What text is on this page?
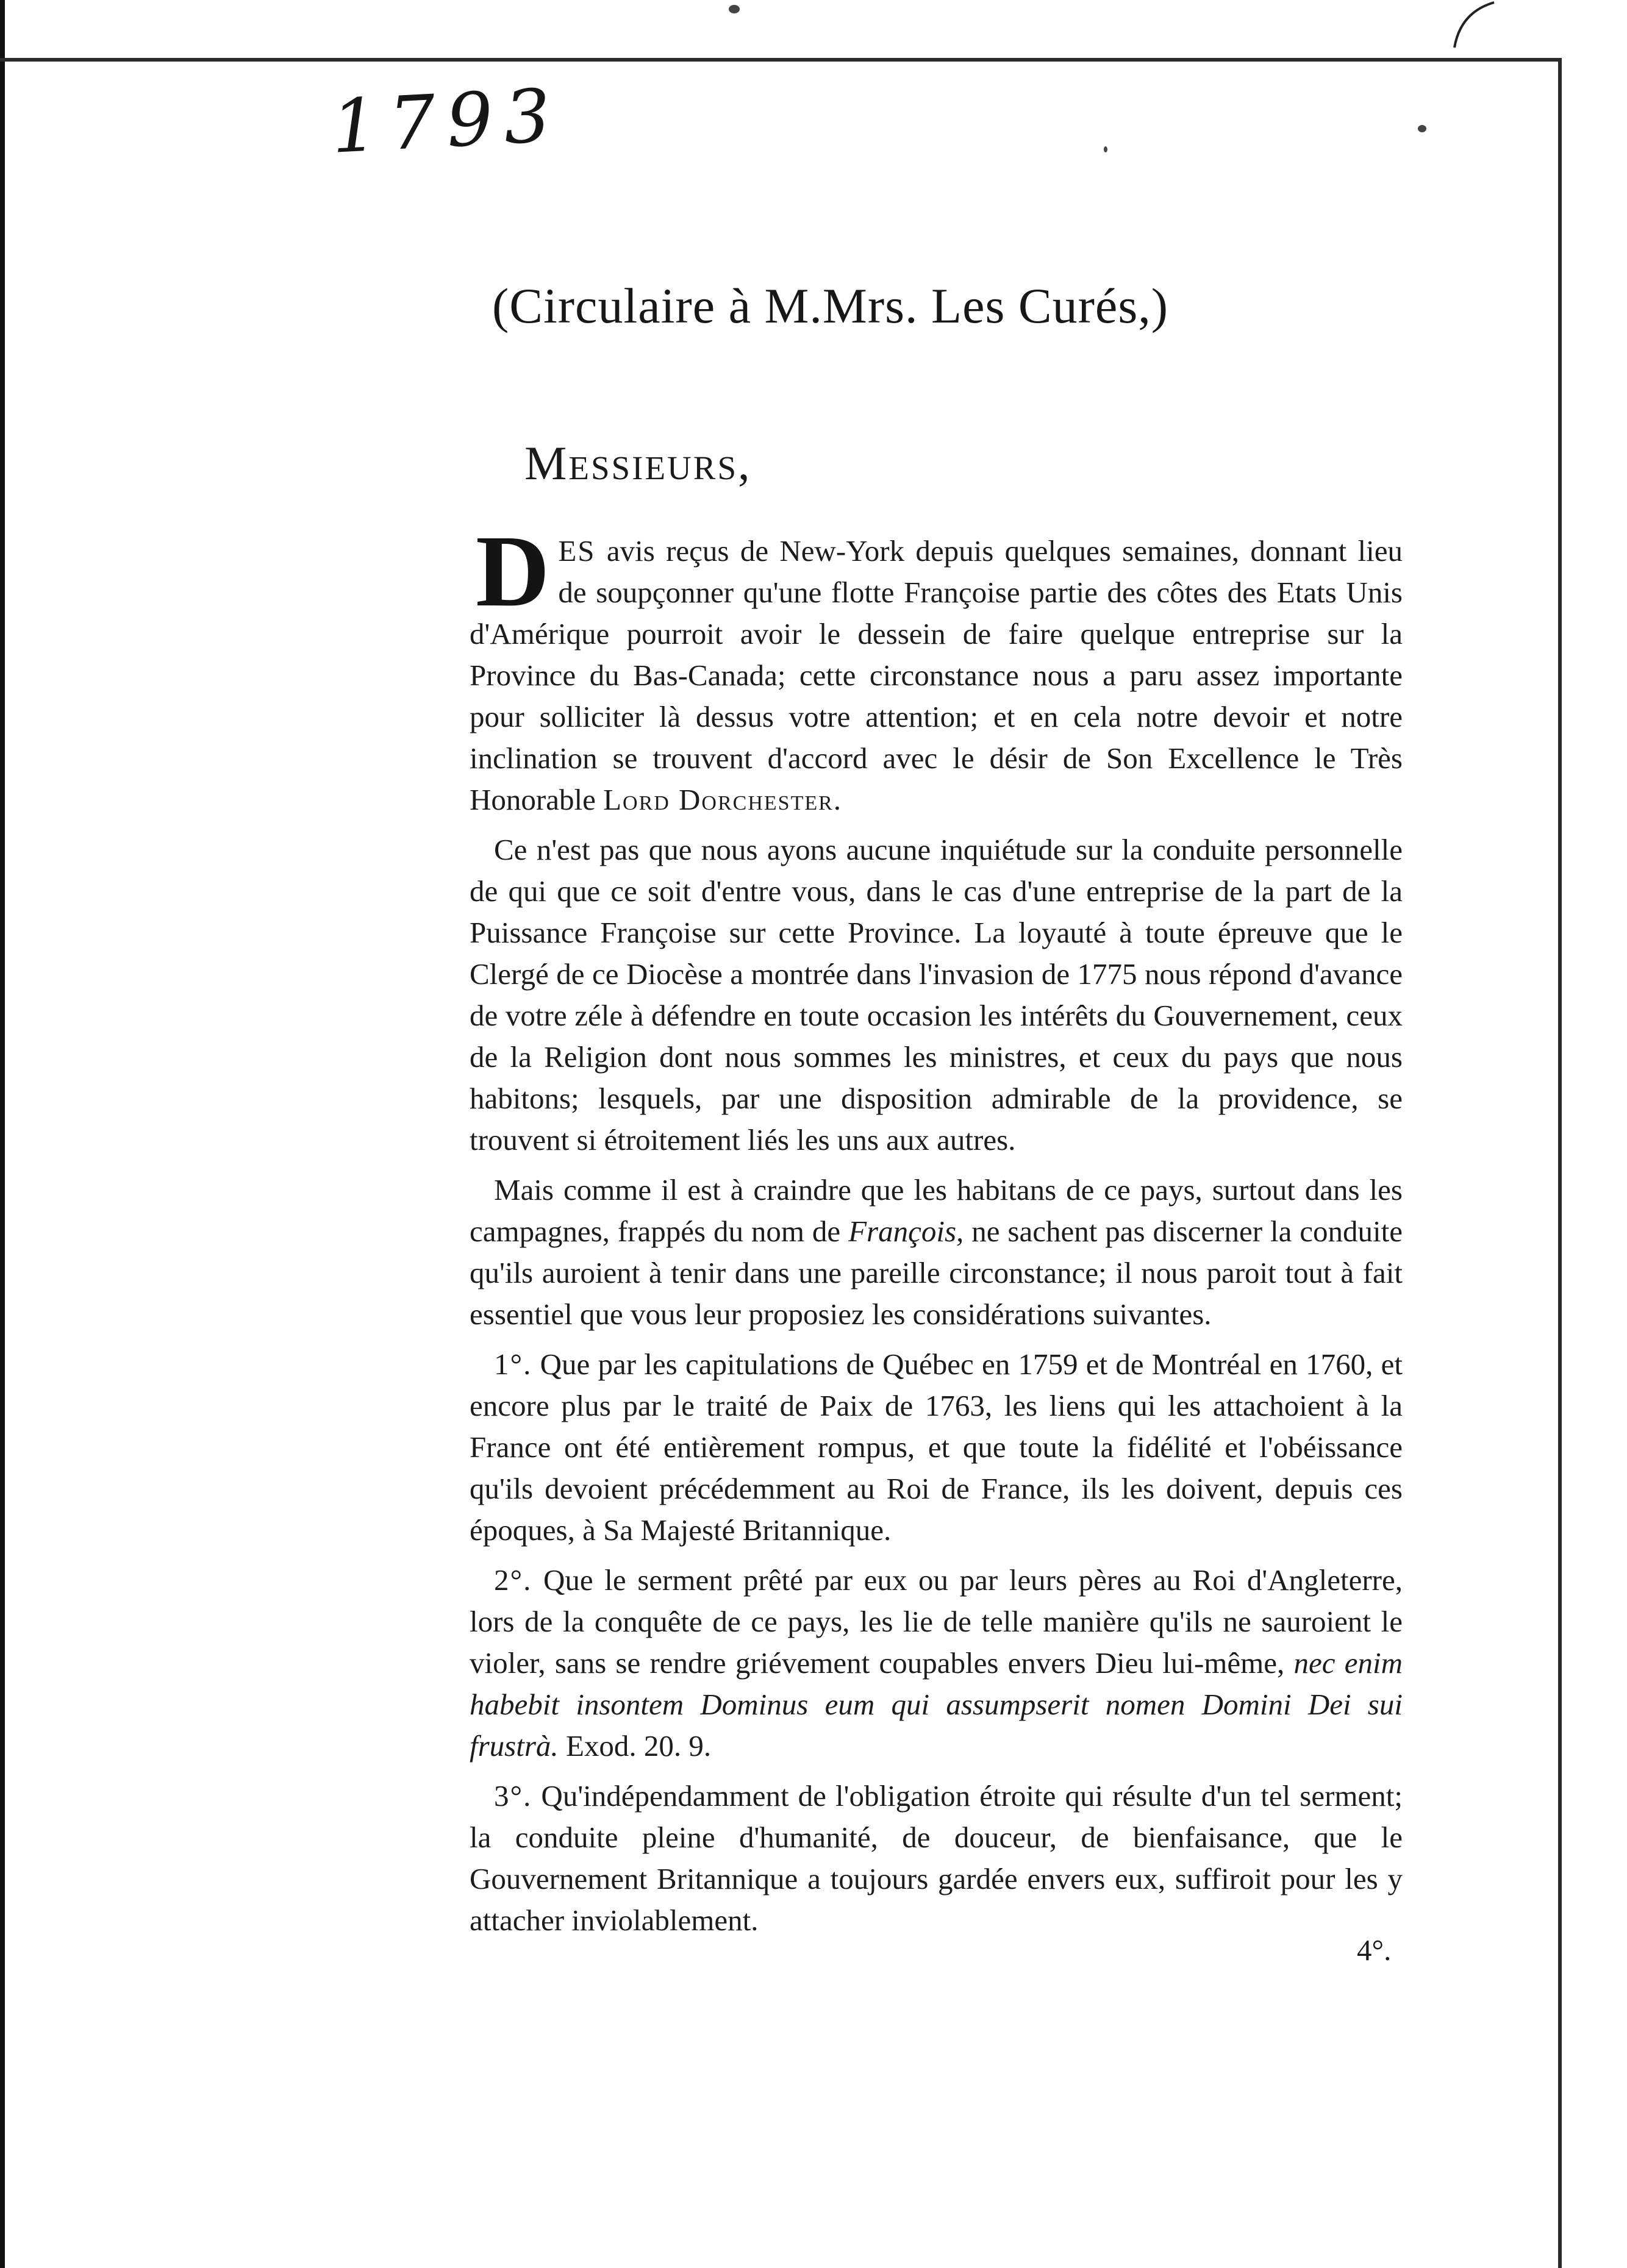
1793
(Circulaire à M.Mrs. Les Curés,)
Messieurs,

DES avis reçus de New-York depuis quelques semaines, donnant lieu de soupçonner qu'une flotte Françoise partie des côtes des Etats Unis d'Amérique pourroit avoir le dessein de faire quelque entreprise sur la Province du Bas-Canada; cette circonstance nous a paru assez importante pour solliciter là dessus votre attention; et en cela notre devoir et notre inclination se trouvent d'accord avec le désir de Son Excellence le Très Honorable Lord Dorchester.

Ce n'est pas que nous ayons aucune inquiétude sur la conduite personnelle de qui que ce soit d'entre vous, dans le cas d'une entreprise de la part de la Puissance Françoise sur cette Province. La loyauté à toute épreuve que le Clergé de ce Diocèse a montrée dans l'invasion de 1775 nous répond d'avance de votre zéle à défendre en toute occasion les intérêts du Gouvernement, ceux de la Religion dont nous sommes les ministres, et ceux du pays que nous habitons; lesquels, par une disposition admirable de la providence, se trouvent si étroitement liés les uns aux autres.

Mais comme il est à craindre que les habitans de ce pays, surtout dans les campagnes, frappés du nom de François, ne sachent pas discerner la conduite qu'ils auroient à tenir dans une pareille circonstance; il nous paroit tout à fait essentiel que vous leur proposiez les considérations suivantes.

1°. Que par les capitulations de Québec en 1759 et de Montréal en 1760, et encore plus par le traité de Paix de 1763, les liens qui les attachoient à la France ont été entièrement rompus, et que toute la fidélité et l'obéissance qu'ils devoient précédemment au Roi de France, ils les doivent, depuis ces époques, à Sa Majesté Britannique.

2°. Que le serment prêté par eux ou par leurs pères au Roi d'Angleterre, lors de la conquête de ce pays, les lie de telle manière qu'ils ne sauroient le violer, sans se rendre griévement coupables envers Dieu lui-même, nec enim habebit insontem Dominus eum qui assumpserit nomen Domini Dei sui frustrà. Exod. 20. 9.

3°. Qu'indépendamment de l'obligation étroite qui résulte d'un tel serment; la conduite pleine d'humanité, de douceur, de bienfaisance, que le Gouvernement Britannique a toujours gardée envers eux, suffiroit pour les y attacher inviolablement.

4°.
